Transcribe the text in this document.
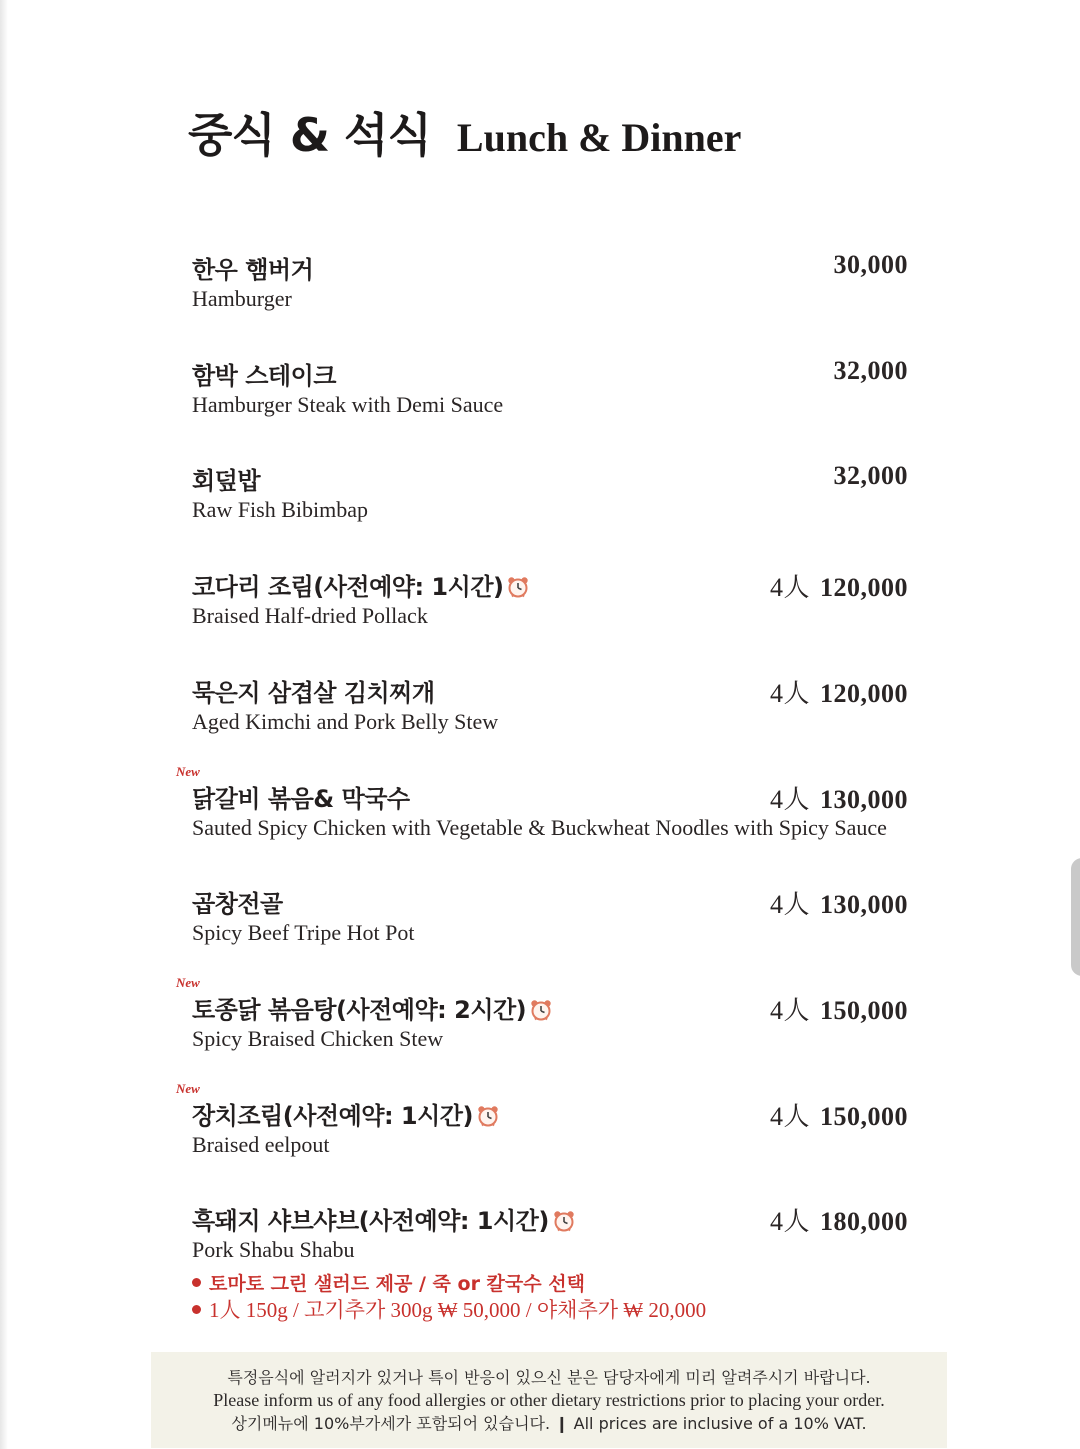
중식 & 석식 Lunch & Dinner
한우 햄버거
Hamburger
30,000
함박 스테이크
Hamburger Steak with Demi Sauce
32,000
회덮밥
Raw Fish Bibimbap
32,000
코다리 조림(사전예약: 1시간)
Braised Half-dried Pollack
4人 120,000
묵은지 삼겹살 김치찌개
Aged Kimchi and Pork Belly Stew
4人 120,000
New
닭갈비 볶음& 막국수
Sauted Spicy Chicken with Vegetable & Buckwheat Noodles with Spicy Sauce
4人 130,000
곱창전골
Spicy Beef Tripe Hot Pot
4人 130,000
New
토종닭 볶음탕(사전예약: 2시간)
Spicy Braised Chicken Stew
4人 150,000
New
장치조림(사전예약: 1시간)
Braised eelpout
4人 150,000
흑돼지 샤브샤브(사전예약: 1시간)
Pork Shabu Shabu
4人 180,000
토마토 그린 샐러드 제공 / 죽 or 칼국수 선택
1人 150g / 고기추가 300g ₩ 50,000 / 야채추가 ₩ 20,000
특정음식에 알러지가 있거나 특이 반응이 있으신 분은 담당자에게 미리 알려주시기 바랍니다.
Please inform us of any food allergies or other dietary restrictions prior to placing your order.
상기메뉴에 10%부가세가 포함되어 있습니다. ❙ All prices are inclusive of a 10% VAT.
